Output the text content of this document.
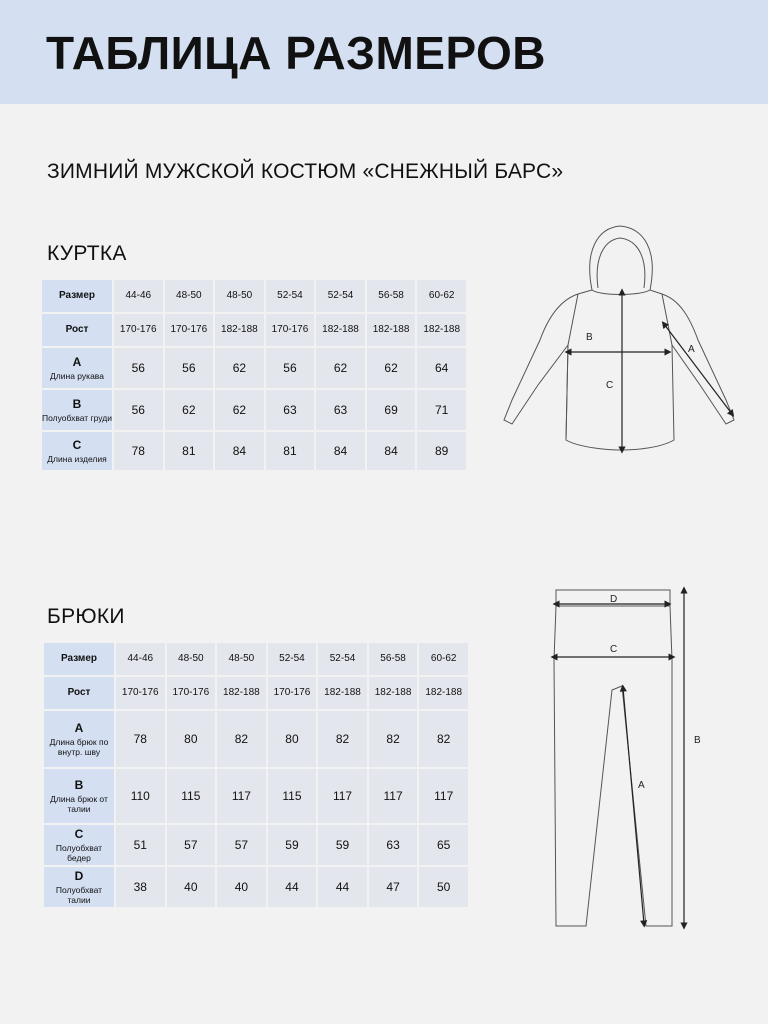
ТАБЛИЦА РАЗМЕРОВ
ЗИМНИЙ МУЖСКОЙ КОСТЮМ «СНЕЖНЫЙ БАРС»
КУРТКА
Размер	44-46	48-50	48-50	52-54	52-54	56-58	60-62
Рост	170-176	170-176	182-188	170-176	182-188	182-188	182-188
A
Длина рукава	56	56	62	56	62	62	64
B
Полуобхват груди	56	62	62	63	63	69	71
C
Длина изделия	78	81	84	81	84	84	89
B
C
A
D
C
A
B
БРЮКИ
Размер	44-46	48-50	48-50	52-54	52-54	56-58	60-62
Рост	170-176	170-176	182-188	170-176	182-188	182-188	182-188
A
Длина брюк по внутр. шву	78	80	82	80	82	82	82
B
Длина брюк от талии	110	115	117	115	117	117	117
C
Полуобхват бедер	51	57	57	59	59	63	65
D
Полуобхват талии	38	40	40	44	44	47	50
